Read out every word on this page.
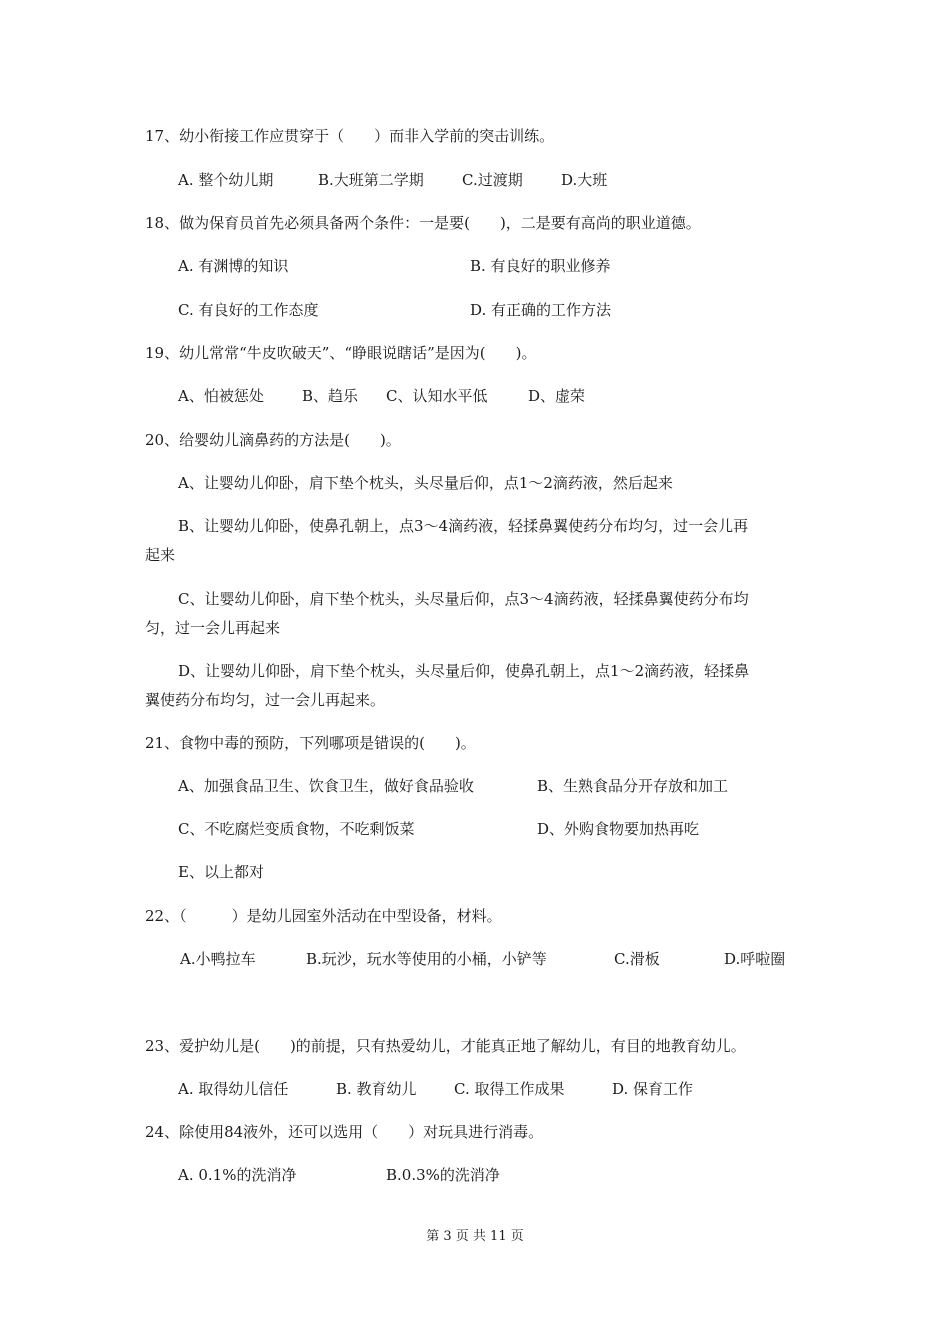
17、幼小衔接工作应贯穿于（　　）而非入学前的突击训练。
A. 整个幼儿期	B.大班第二学期	C.过渡期	D.大班
18、做为保育员首先必须具备两个条件：一是要(　　)，二是要有高尚的职业道德。
A. 有渊博的知识	B. 有良好的职业修养
C. 有良好的工作态度	D. 有正确的工作方法
19、幼儿常常“牛皮吹破天”、“睁眼说瞎话”是因为(　　)。
A、怕被惩处	B、趋乐 C、认知水平低	D、虚荣
20、给婴幼儿滴鼻药的方法是(　　)。
A、让婴幼儿仰卧，肩下垫个枕头，头尽量后仰，点1～2滴药液，然后起来
B、让婴幼儿仰卧，使鼻孔朝上，点3～4滴药液，轻揉鼻翼使药分布均匀，过一会儿再
起来
C、让婴幼儿仰卧，肩下垫个枕头，头尽量后仰，点3～4滴药液，轻揉鼻翼使药分布均
匀，过一会儿再起来
D、让婴幼儿仰卧，肩下垫个枕头，头尽量后仰，使鼻孔朝上，点1～2滴药液，轻揉鼻
翼使药分布均匀，过一会儿再起来。
21、食物中毒的预防，下列哪项是错误的(　　)。
A、加强食品卫生、饮食卫生，做好食品验收	B、生熟食品分开存放和加工
C、不吃腐烂变质食物，不吃剩饭菜	D、外购食物要加热再吃
E、以上都对
22、（　　　）是幼儿园室外活动在中型设备，材料。
A.小鸭拉车	B.玩沙，玩水等使用的小桶，小铲等	C.滑板	D.呼啦圈
23、爱护幼儿是(　　)的前提，只有热爱幼儿，才能真正地了解幼儿，有目的地教育幼儿。
A. 取得幼儿信任	B. 教育幼儿 C. 取得工作成果	D. 保育工作
24、除使用84液外，还可以选用（　　）对玩具进行消毒。
A. 0.1%的洗消净	B.0.3%的洗消净
第 3 页 共 11 页
